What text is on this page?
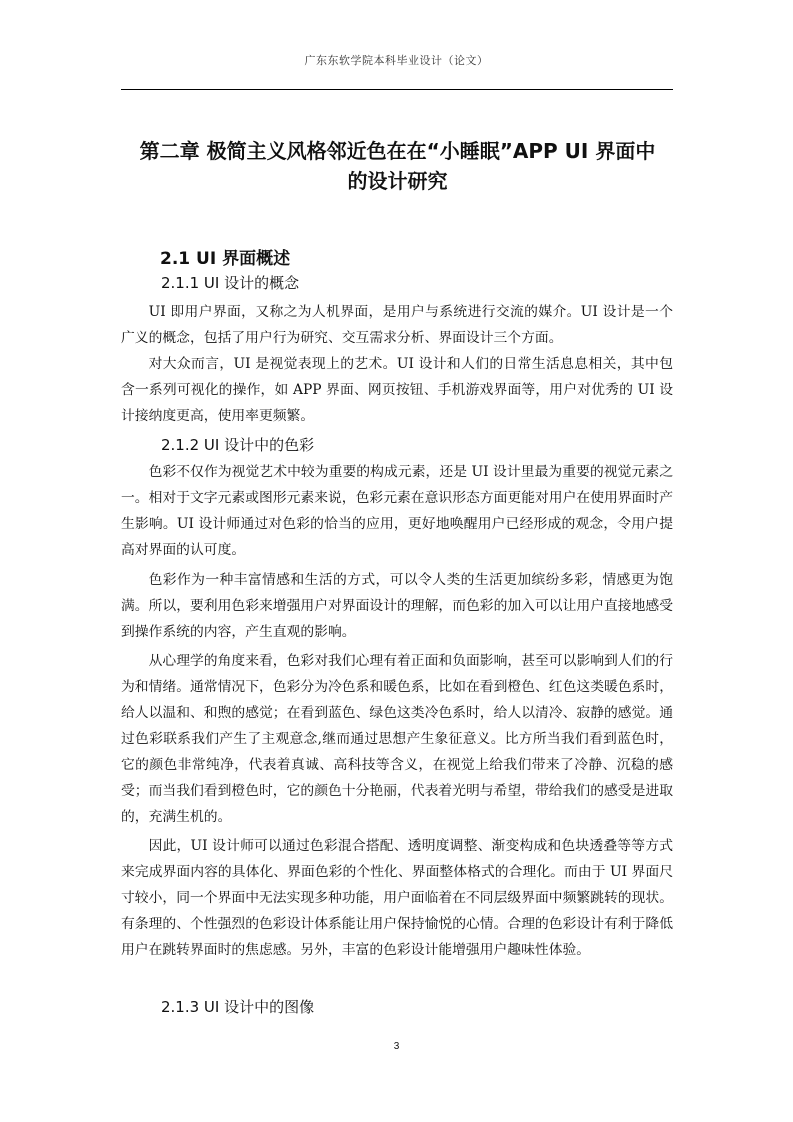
广东东软学院本科毕业设计（论文）
第二章 极简主义风格邻近色在在“小睡眠”APP UI 界面中
的设计研究
2.1 UI 界面概述
2.1.1 UI 设计的概念

UI 即用户界面，又称之为人机界面，是用户与系统进行交流的媒介。UI 设计是一个广义的概念，包括了用户行为研究、交互需求分析、界面设计三个方面。

对大众而言，UI 是视觉表现上的艺术。UI 设计和人们的日常生活息息相关，其中包含一系列可视化的操作，如 APP 界面、网页按钮、手机游戏界面等，用户对优秀的 UI 设计接纳度更高，使用率更频繁。

2.1.2 UI 设计中的色彩

色彩不仅作为视觉艺术中较为重要的构成元素，还是 UI 设计里最为重要的视觉元素之一。相对于文字元素或图形元素来说，色彩元素在意识形态方面更能对用户在使用界面时产生影响。UI 设计师通过对色彩的恰当的应用，更好地唤醒用户已经形成的观念，令用户提高对界面的认可度。

色彩作为一种丰富情感和生活的方式，可以令人类的生活更加缤纷多彩，情感更为饱满。所以，要利用色彩来增强用户对界面设计的理解，而色彩的加入可以让用户直接地感受到操作系统的内容，产生直观的影响。

从心理学的角度来看，色彩对我们心理有着正面和负面影响，甚至可以影响到人们的行为和情绪。通常情况下，色彩分为冷色系和暖色系，比如在看到橙色、红色这类暖色系时，给人以温和、和煦的感觉；在看到蓝色、绿色这类冷色系时，给人以清冷、寂静的感觉。通过色彩联系我们产生了主观意念,继而通过思想产生象征意义。比方所当我们看到蓝色时，它的颜色非常纯净，代表着真诚、高科技等含义，在视觉上给我们带来了冷静、沉稳的感受；而当我们看到橙色时，它的颜色十分艳丽，代表着光明与希望，带给我们的感受是进取的，充满生机的。

因此，UI 设计师可以通过色彩混合搭配、透明度调整、渐变构成和色块透叠等等方式来完成界面内容的具体化、界面色彩的个性化、界面整体格式的合理化。而由于 UI 界面尺寸较小，同一个界面中无法实现多种功能，用户面临着在不同层级界面中频繁跳转的现状。有条理的、个性强烈的色彩设计体系能让用户保持愉悦的心情。合理的色彩设计有利于降低用户在跳转界面时的焦虑感。另外，丰富的色彩设计能增强用户趣味性体验。

2.1.3 UI 设计中的图像
3
